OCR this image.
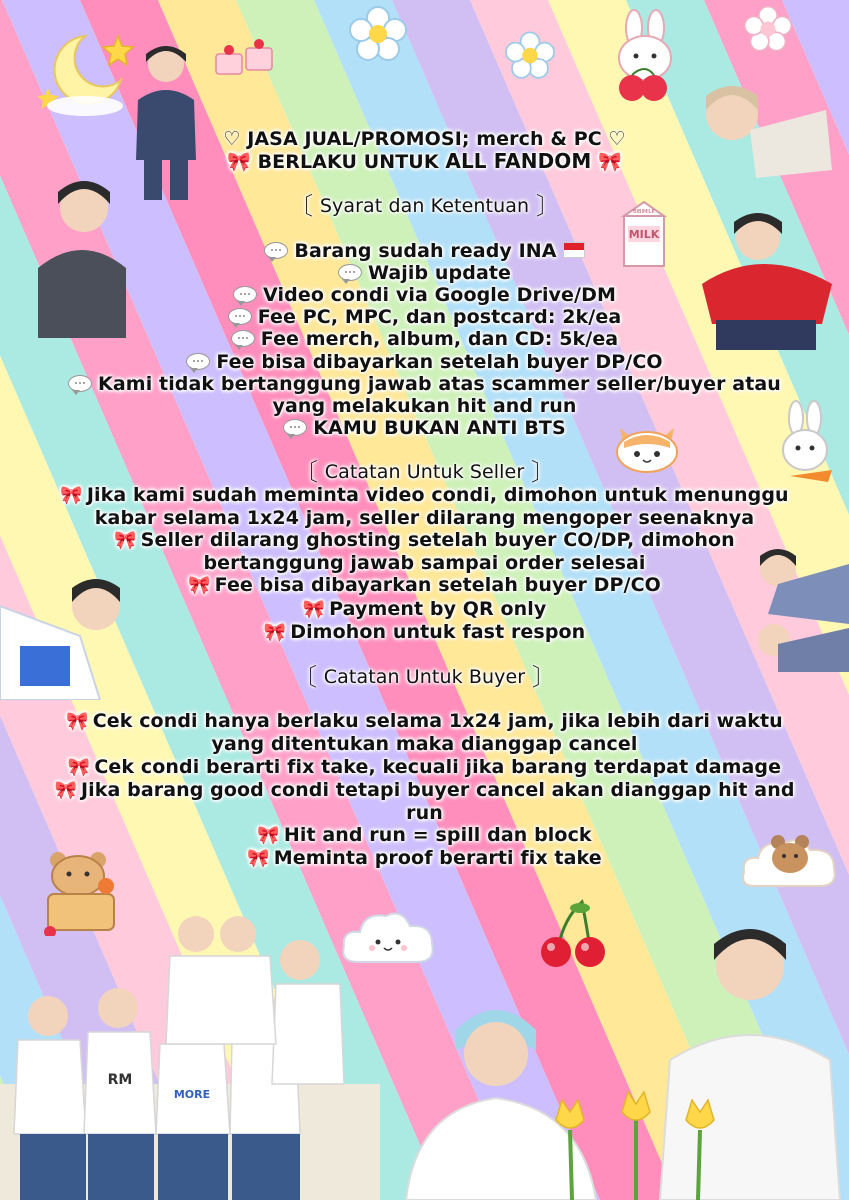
MILK
BIBIMILK
RM
MORE
♡ JASA JUAL/PROMOSI; merch & PC ♡
🎀 BERLAKU UNTUK ALL FANDOM 🎀
〔 Syarat dan Ketentuan 〕
Barang sudah ready INA
Wajib update
Video condi via Google Drive/DM
Fee PC, MPC, dan postcard: 2k/ea
Fee merch, album, dan CD: 5k/ea
Fee bisa dibayarkan setelah buyer DP/CO
Kami tidak bertanggung jawab atas scammer seller/buyer atau
yang melakukan hit and run
KAMU BUKAN ANTI BTS
〔 Catatan Untuk Seller 〕
🎀 Jika kami sudah meminta video condi, dimohon untuk menunggu
kabar selama 1x24 jam, seller dilarang mengoper seenaknya
🎀 Seller dilarang ghosting setelah buyer CO/DP, dimohon
bertanggung jawab sampai order selesai
🎀 Fee bisa dibayarkan setelah buyer DP/CO
🎀 Payment by QR only
🎀 Dimohon untuk fast respon
〔 Catatan Untuk Buyer 〕
🎀 Cek condi hanya berlaku selama 1x24 jam, jika lebih dari waktu
yang ditentukan maka dianggap cancel
🎀 Cek condi berarti fix take, kecuali jika barang terdapat damage
🎀 Jika barang good condi tetapi buyer cancel akan dianggap hit and
run
🎀 Hit and run = spill dan block
🎀 Meminta proof berarti fix take
